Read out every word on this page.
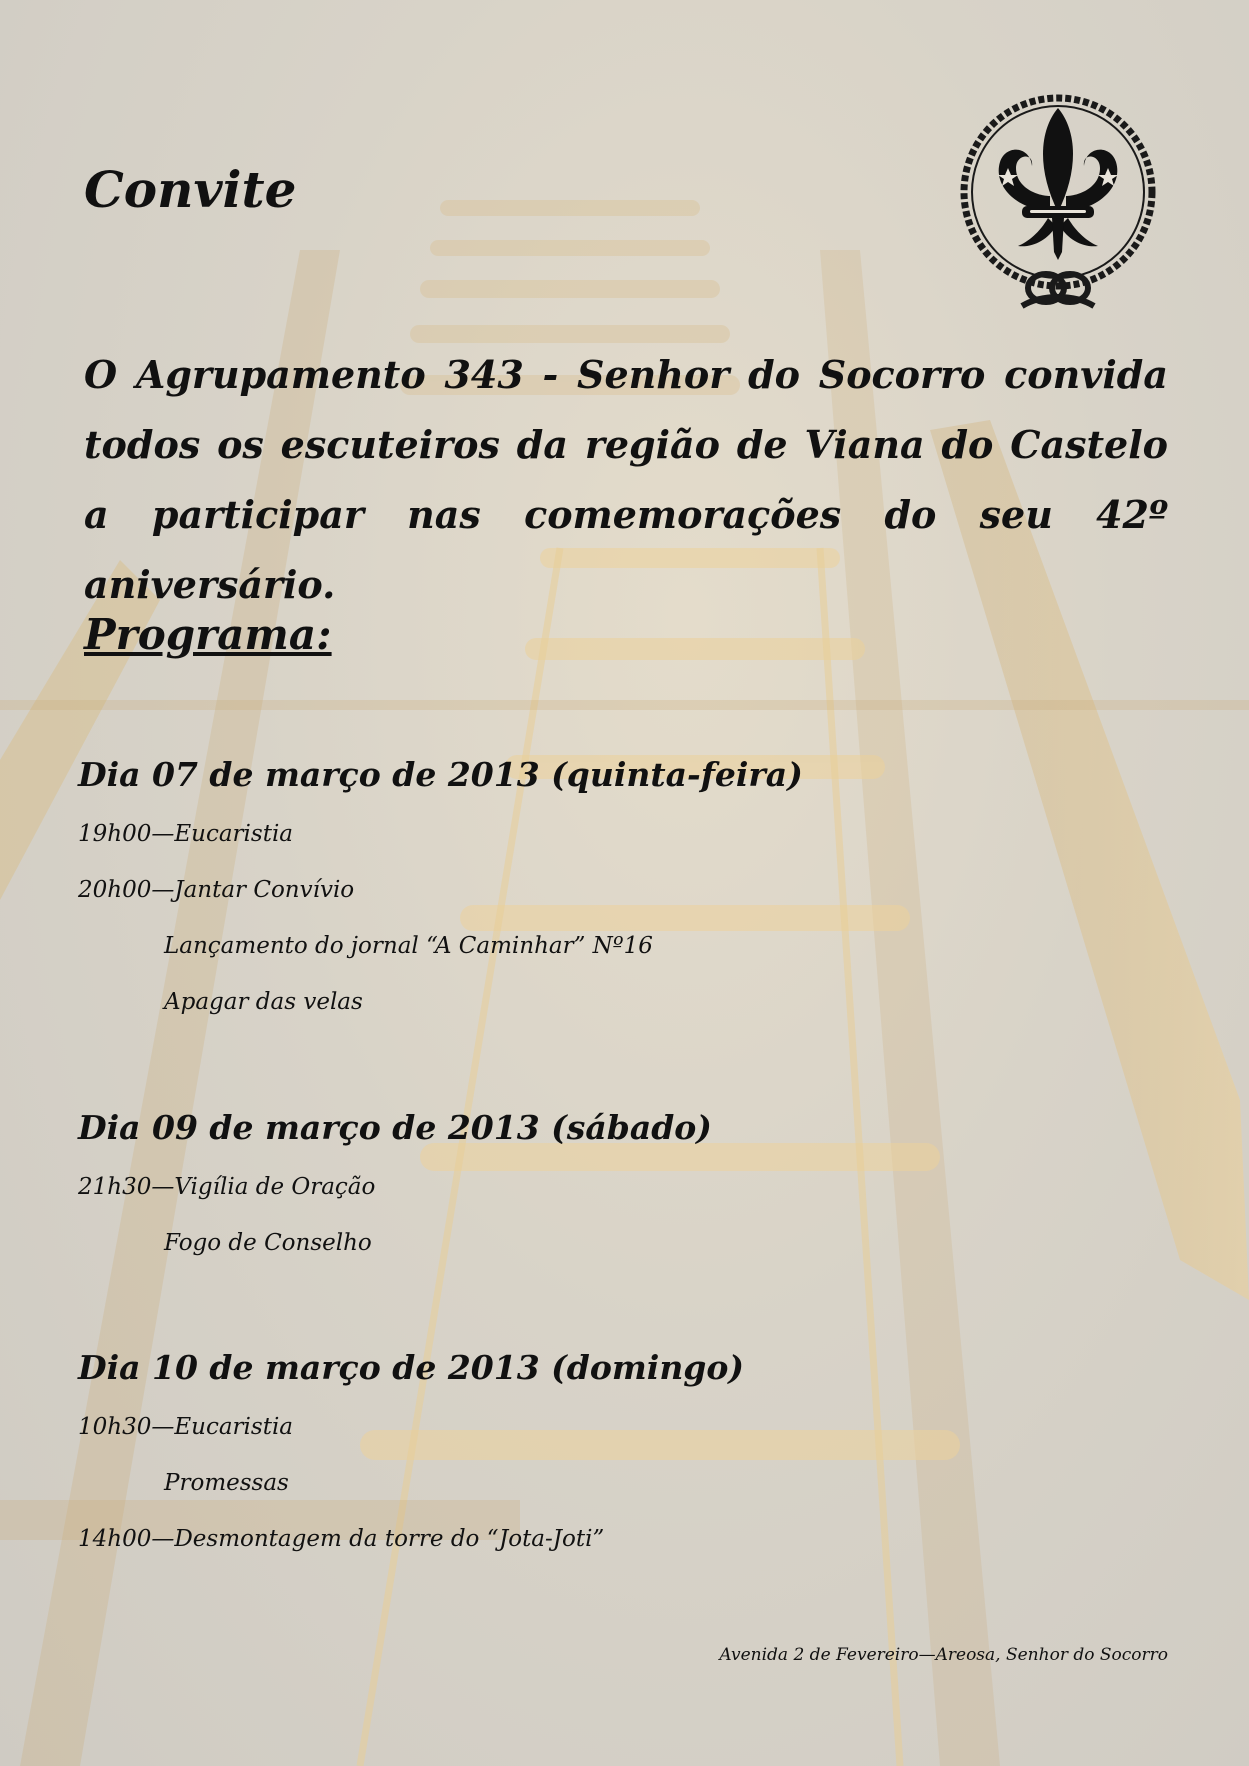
Convite

O Agrupamento 343 - Senhor do Socorro convida todos os escuteiros da região de Viana do Castelo a participar nas comemorações do seu 42º aniversário.

Programa:

Dia 07 de março de 2013 (quinta-feira)

19h00—Eucaristia

20h00—Jantar Convívio

Lançamento do jornal “A Caminhar” Nº16

Apagar das velas

Dia 09 de março de 2013 (sábado)

21h30—Vigília de Oração

Fogo de Conselho

Dia 10 de março de 2013 (domingo)

10h30—Eucaristia

Promessas

14h00—Desmontagem da torre do “Jota-Joti”

Avenida 2 de Fevereiro—Areosa, Senhor do Socorro
